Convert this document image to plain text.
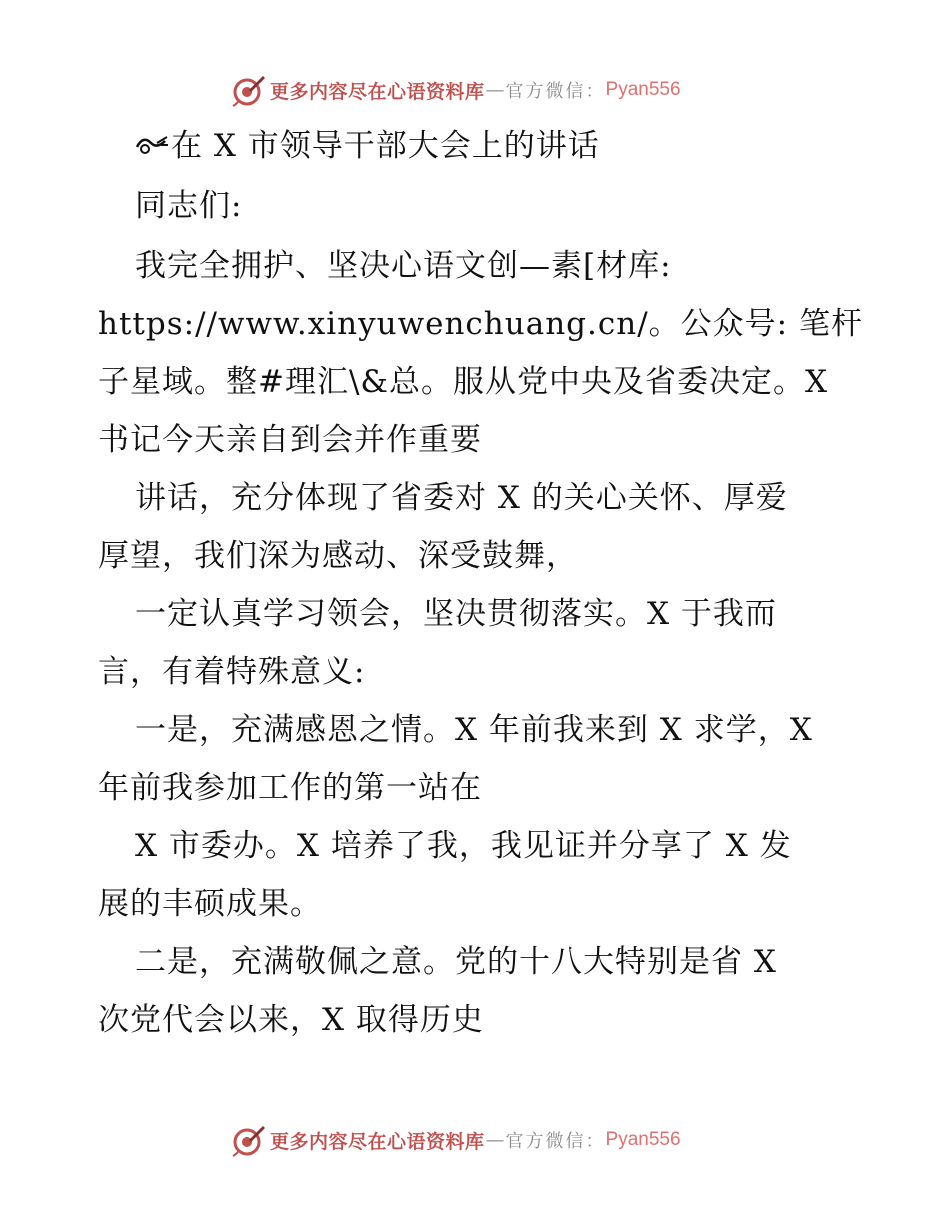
更多内容尽在心语资料库 — 官方微信： Pyan556
在 X 市领导干部大会上的讲话
同志们:
我完全拥护、坚决心语文创—素[材库:
https://www.xinyuwenchuang.cn/。公众号: 笔杆
子星域。整#理汇\&总。服从党中央及省委决定。X
书记今天亲自到会并作重要
讲话，充分体现了省委对 X 的关心关怀、厚爱
厚望，我们深为感动、深受鼓舞，
一定认真学习领会，坚决贯彻落实。X 于我而
言，有着特殊意义:
一是，充满感恩之情。X 年前我来到 X 求学，X
年前我参加工作的第一站在
X 市委办。X 培养了我，我见证并分享了 X 发
展的丰硕成果。
二是，充满敬佩之意。党的十八大特别是省 X
次党代会以来，X 取得历史
更多内容尽在心语资料库 — 官方微信： Pyan556
